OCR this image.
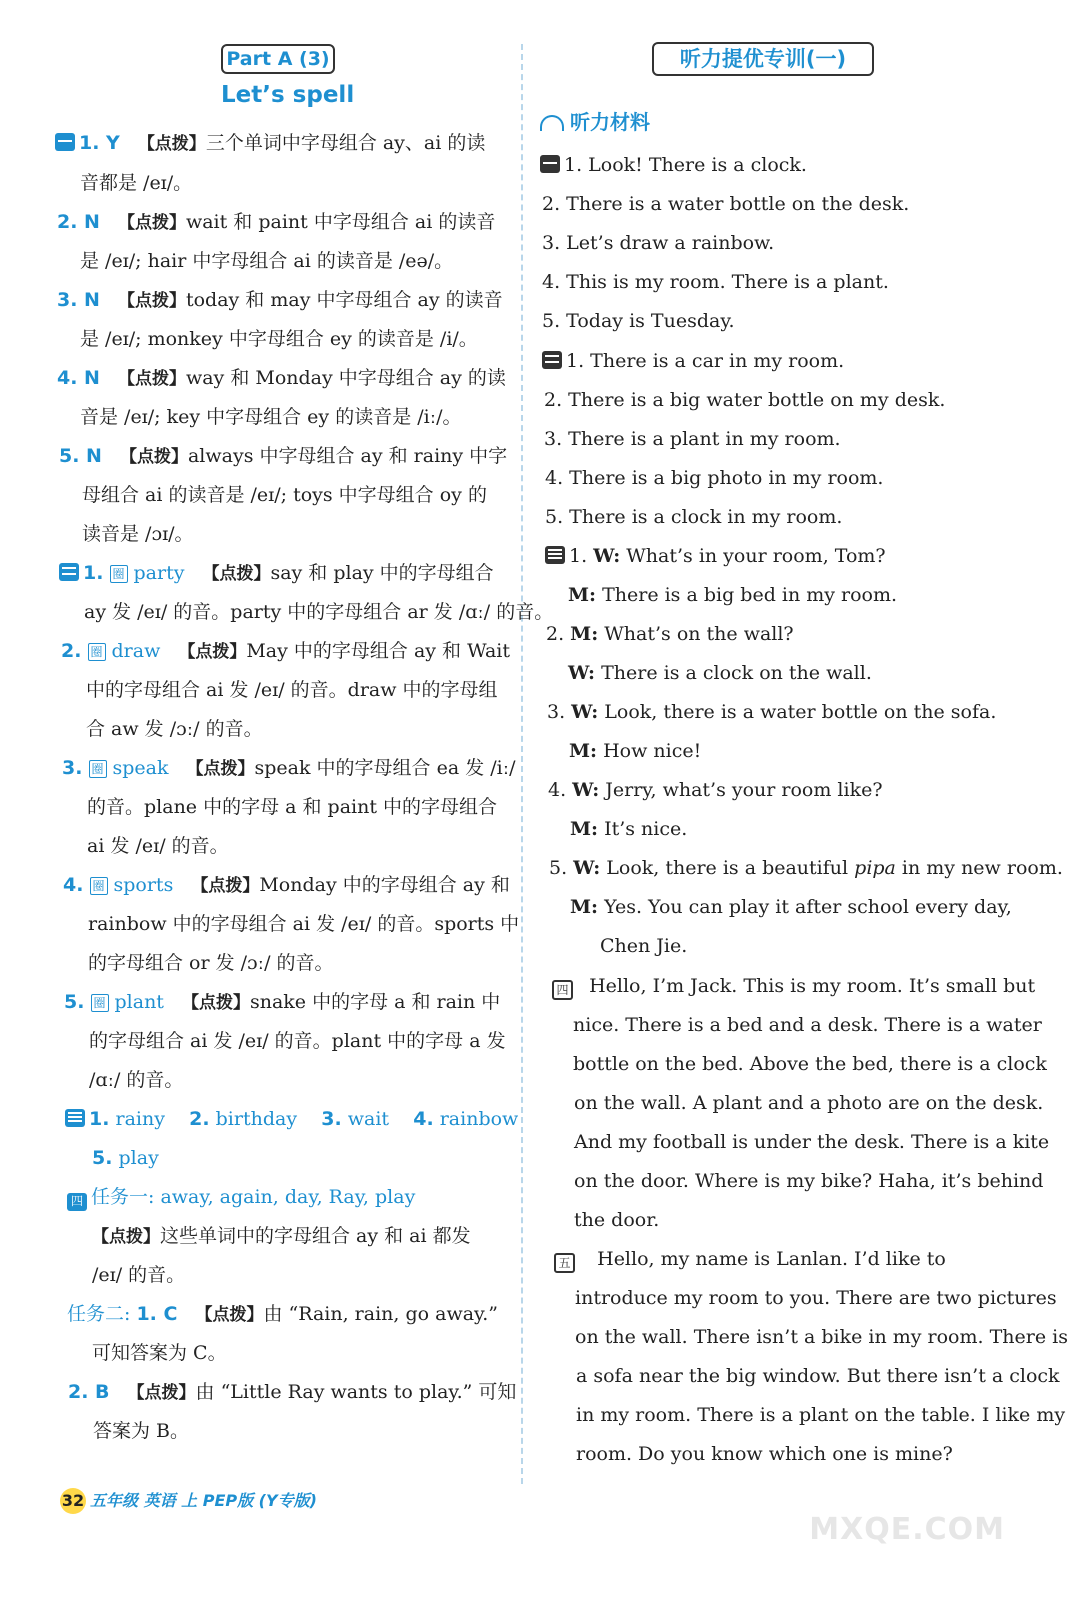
Part A (3)
Let’s spell
1. Y 【点拨】三个单词中字母组合 ay、ai 的读
音都是 /eɪ/。
2. N 【点拨】wait 和 paint 中字母组合 ai 的读音
是 /eɪ/; hair 中字母组合 ai 的读音是 /eə/。
3. N 【点拨】today 和 may 中字母组合 ay 的读音
是 /eɪ/; monkey 中字母组合 ey 的读音是 /i/。
4. N 【点拨】way 和 Monday 中字母组合 ay 的读
音是 /eɪ/; key 中字母组合 ey 的读音是 /iː/。
5. N 【点拨】always 中字母组合 ay 和 rainy 中字
母组合 ai 的读音是 /eɪ/; toys 中字母组合 oy 的
读音是 /ɔɪ/。
1. 圈 party 【点拨】say 和 play 中的字母组合
ay 发 /eɪ/ 的音。party 中的字母组合 ar 发 /ɑː/ 的音。
2. 圈 draw 【点拨】May 中的字母组合 ay 和 Wait
中的字母组合 ai 发 /eɪ/ 的音。draw 中的字母组
合 aw 发 /ɔː/ 的音。
3. 圈 speak 【点拨】speak 中的字母组合 ea 发 /iː/
的音。plane 中的字母 a 和 paint 中的字母组合
ai 发 /eɪ/ 的音。
4. 圈 sports 【点拨】Monday 中的字母组合 ay 和
rainbow 中的字母组合 ai 发 /eɪ/ 的音。sports 中
的字母组合 or 发 /ɔː/ 的音。
5. 圈 plant 【点拨】snake 中的字母 a 和 rain 中
的字母组合 ai 发 /eɪ/ 的音。plant 中的字母 a 发
/ɑː/ 的音。
1. rainy 2. birthday 3. wait 4. rainbow
5. play
四 任务一: away, again, day, Ray, play
【点拨】这些单词中的字母组合 ay 和 ai 都发
/eɪ/ 的音。
任务二: 1. C 【点拨】由 “Rain, rain, go away.”
可知答案为 C。
2. B 【点拨】由 “Little Ray wants to play.” 可知
答案为 B。
听力提优专训(一)
听力材料
1. Look! There is a clock.
2. There is a water bottle on the desk.
3. Let’s draw a rainbow.
4. This is my room. There is a plant.
5. Today is Tuesday.
1. There is a car in my room.
2. There is a big water bottle on my desk.
3. There is a plant in my room.
4. There is a big photo in my room.
5. There is a clock in my room.
1. W: What’s in your room, Tom?
M: There is a big bed in my room.
2. M: What’s on the wall?
W: There is a clock on the wall.
3. W: Look, there is a water bottle on the sofa.
M: How nice!
4. W: Jerry, what’s your room like?
M: It’s nice.
5. W: Look, there is a beautiful pipa in my new room.
M: Yes. You can play it after school every day,
Chen Jie.
四  Hello, I’m Jack. This is my room. It’s small but
nice. There is a bed and a desk. There is a water
bottle on the bed. Above the bed, there is a clock
on the wall. A plant and a photo are on the desk.
And my football is under the desk. There is a kite
on the door. Where is my bike? Haha, it’s behind
the door.
五   Hello, my name is Lanlan. I’d like to
introduce my room to you. There are two pictures
on the wall. There isn’t a bike in my room. There is
a sofa near the big window. But there isn’t a clock
in my room. There is a plant on the table. I like my
room. Do you know which one is mine?
32 五年级 英语 上 PEP版 (Y专版)
MXQE.COM
